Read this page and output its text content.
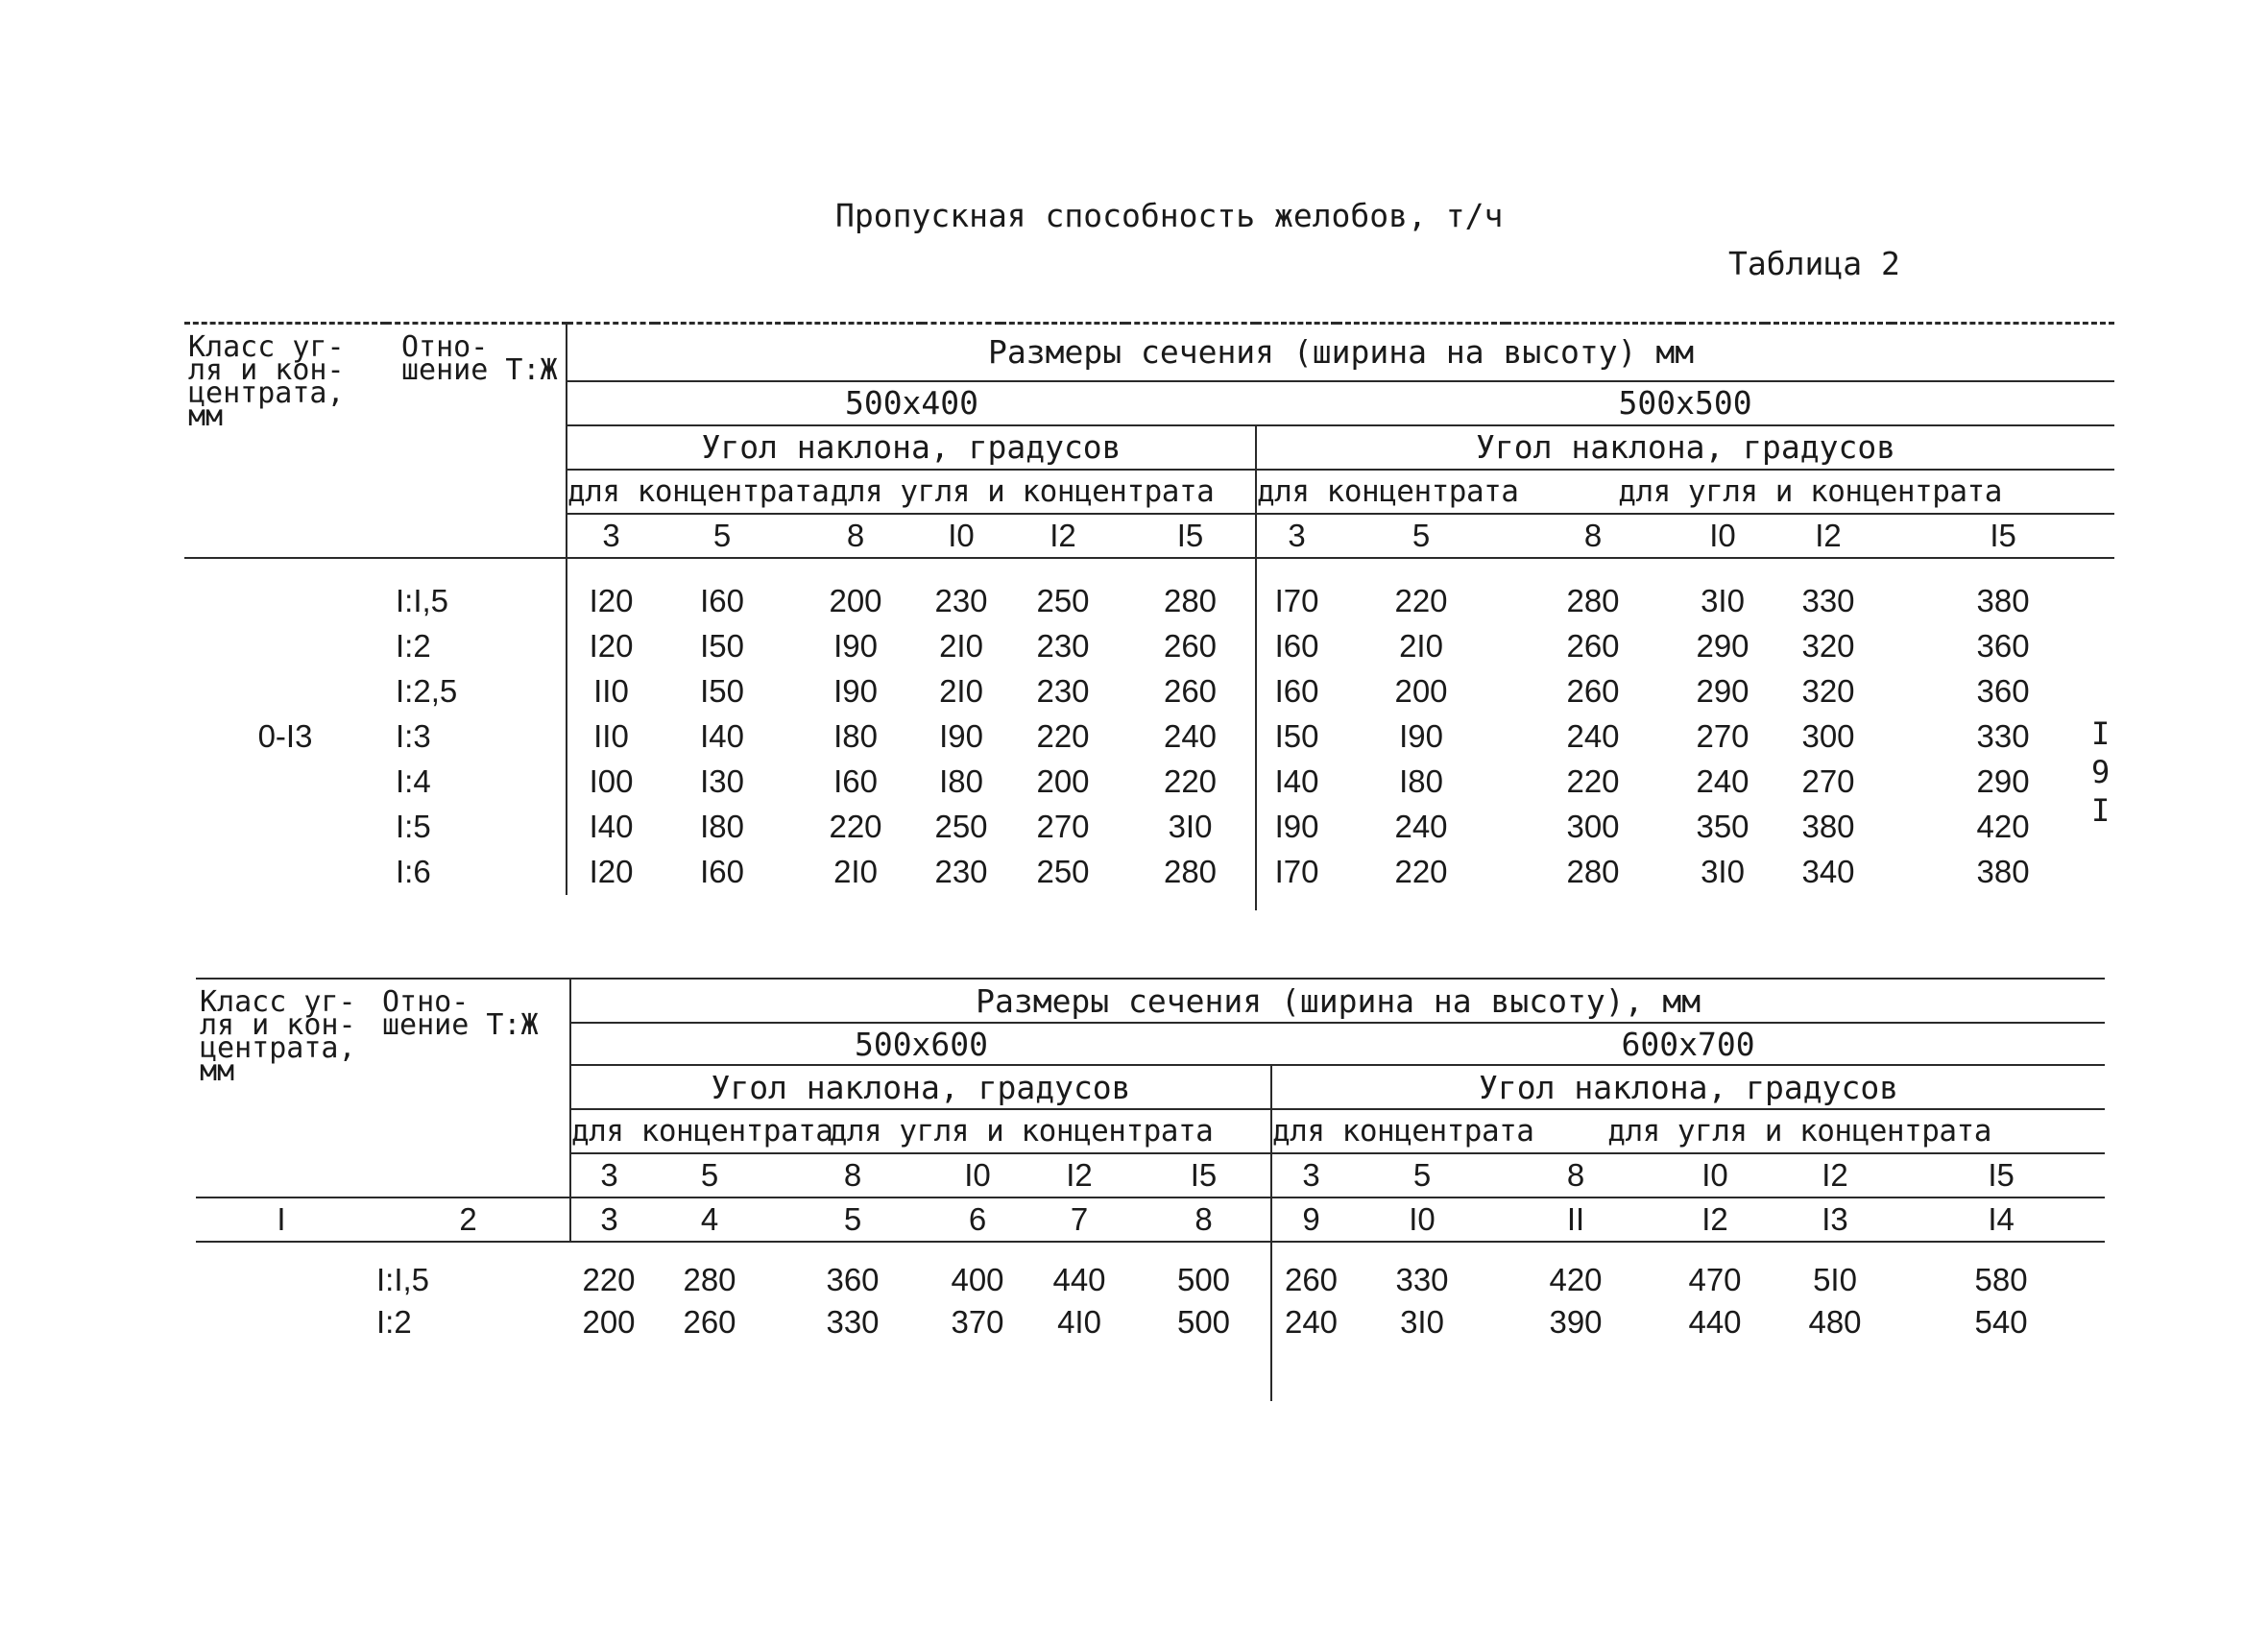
Пропускная способность желобов, т/ч
Таблица 2
I
9
I
Класс уг- ля и кон- центрата, мм	Отно- шение Т:Ж	Размеры сечения (ширина на высоту) мм											
		500х400						500х500					
		Угол наклона, градусов						Угол наклона, градусов					
		для концентрата		для угля и концентрата				для концентрата		для угля и концентрата			
		3	5	8	I0	I2	I5	3	5	8	I0	I2	I5

0-I3	I:I,5	I20	I60	200	230	250	280	I70	220	280	3I0	330	380
	I:2	I20	I50	I90	2I0	230	260	I60	2I0	260	290	320	360
	I:2,5	II0	I50	I90	2I0	230	260	I60	200	260	290	320	360
	I:3	II0	I40	I80	I90	220	240	I50	I90	240	270	300	330
	I:4	I00	I30	I60	I80	200	220	I40	I80	220	240	270	290
	I:5	I40	I80	220	250	270	3I0	I90	240	300	350	380	420
	I:6	I20	I60	2I0	230	250	280	I70	220	280	3I0	340	380

Класс уг- ля и кон- центрата, мм	Отно- шение Т:Ж	Размеры сечения (ширина на высоту), мм											
		500х600						600х700					
		Угол наклона, градусов						Угол наклона, градусов					
		для концентрата		для угля и концентрата				для концентрата		для угля и концентрата			
		3	5	8	I0	I2	I5	3	5	8	I0	I2	I5
I	2	3	4	5	6	7	8	9	I0	II	I2	I3	I4

	I:I,5	220	280	360	400	440	500	260	330	420	470	5I0	580
	I:2	200	260	330	370	4I0	500	240	3I0	390	440	480	540
